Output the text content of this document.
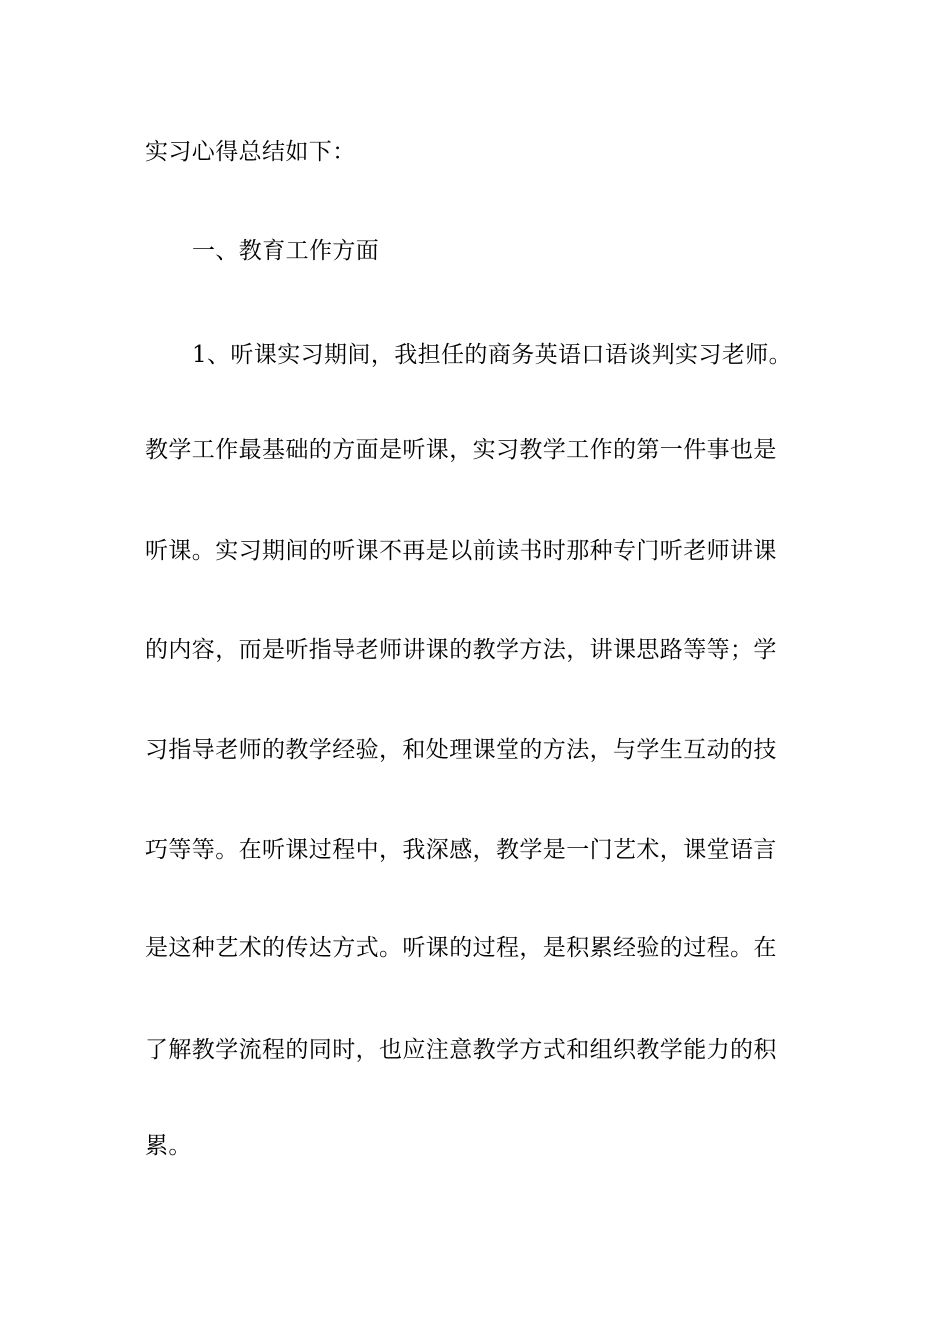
实习心得总结如下：
一、教育工作方面
1、听课实习期间，我担任的商务英语口语谈判实习老师。
教学工作最基础的方面是听课，实习教学工作的第一件事也是
听课。实习期间的听课不再是以前读书时那种专门听老师讲课
的内容，而是听指导老师讲课的教学方法，讲课思路等等；学
习指导老师的教学经验，和处理课堂的方法，与学生互动的技
巧等等。在听课过程中，我深感，教学是一门艺术，课堂语言
是这种艺术的传达方式。听课的过程，是积累经验的过程。在
了解教学流程的同时，也应注意教学方式和组织教学能力的积
累。
